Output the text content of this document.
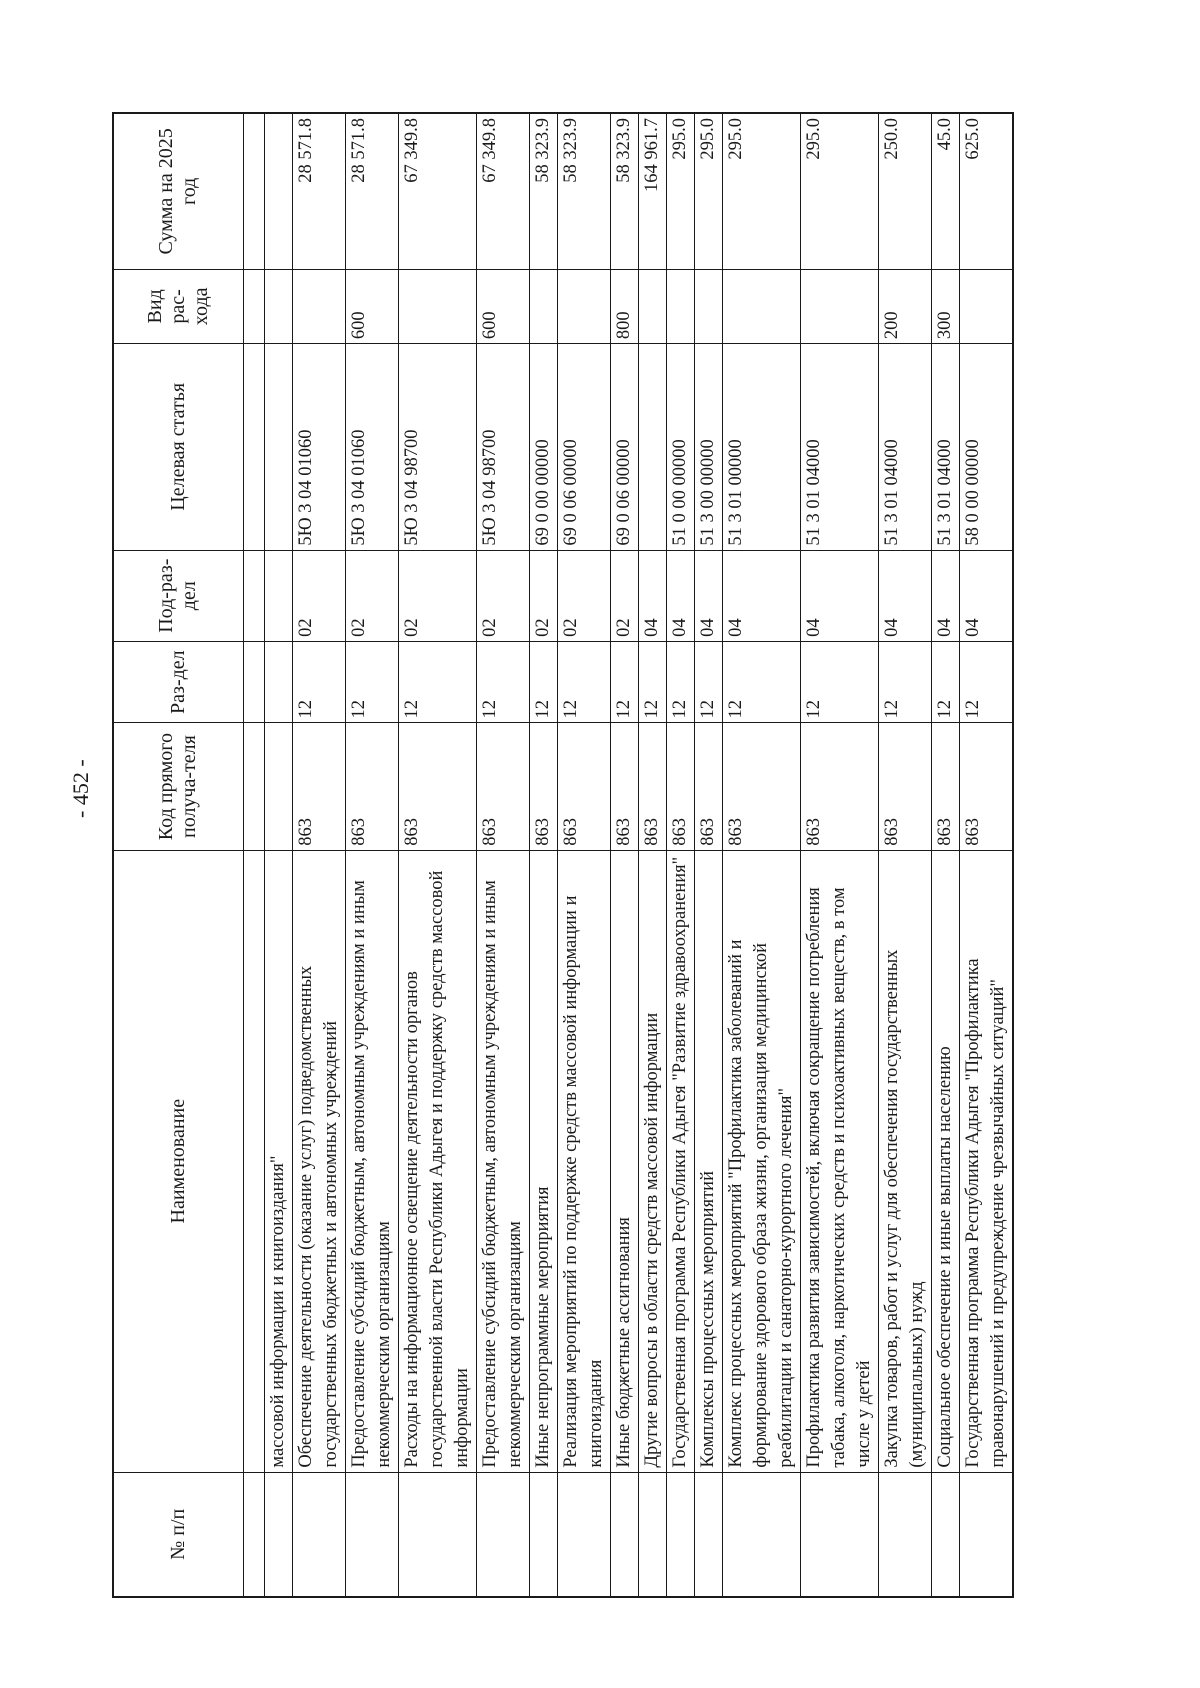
- 452 -
№ п/п	Наименование	Код прямого получа-теля	Раз-дел	Под-раз-дел	Целевая статья	Вид рас-хода	Сумма на 2025 год

	массовой информации и книгоиздания"						
	Обеспечение деятельности (оказание услуг) подведомственных государственных бюджетных и автономных учреждений	863	12	02	5Ю 3 04 01060		28 571.8
	Предоставление субсидий бюджетным, автономным учреждениям и иным некоммерческим организациям	863	12	02	5Ю 3 04 01060	600	28 571.8
	Расходы на информационное освещение деятельности органов государственной власти Республики Адыгея и поддержку средств массовой информации	863	12	02	5Ю 3 04 98700		67 349.8
	Предоставление субсидий бюджетным, автономным учреждениям и иным некоммерческим организациям	863	12	02	5Ю 3 04 98700	600	67 349.8
	Иные непрограммные мероприятия	863	12	02	69 0 00 00000		58 323.9
	Реализация мероприятий по поддержке средств массовой информации и книгоиздания	863	12	02	69 0 06 00000		58 323.9
	Иные бюджетные ассигнования	863	12	02	69 0 06 00000	800	58 323.9
	Другие вопросы в области средств массовой информации	863	12	04			164 961.7
	Государственная программа Республики Адыгея "Развитие здравоохранения"	863	12	04	51 0 00 00000		295.0
	Комплексы процессных мероприятий	863	12	04	51 3 00 00000		295.0
	Комплекс процессных мероприятий "Профилактика заболеваний и формирование здорового образа жизни, организация медицинской реабилитации и санаторно-курортного лечения"	863	12	04	51 3 01 00000		295.0
	Профилактика развития зависимостей, включая сокращение потребления табака, алкоголя, наркотических средств и психоактивных веществ, в том числе у детей	863	12	04	51 3 01 04000		295.0
	Закупка товаров, работ и услуг для обеспечения государственных (муниципальных) нужд	863	12	04	51 3 01 04000	200	250.0
	Социальное обеспечение и иные выплаты населению	863	12	04	51 3 01 04000	300	45.0
	Государственная программа Республики Адыгея "Профилактика правонарушений и предупреждение чрезвычайных ситуаций"	863	12	04	58 0 00 00000		625.0
